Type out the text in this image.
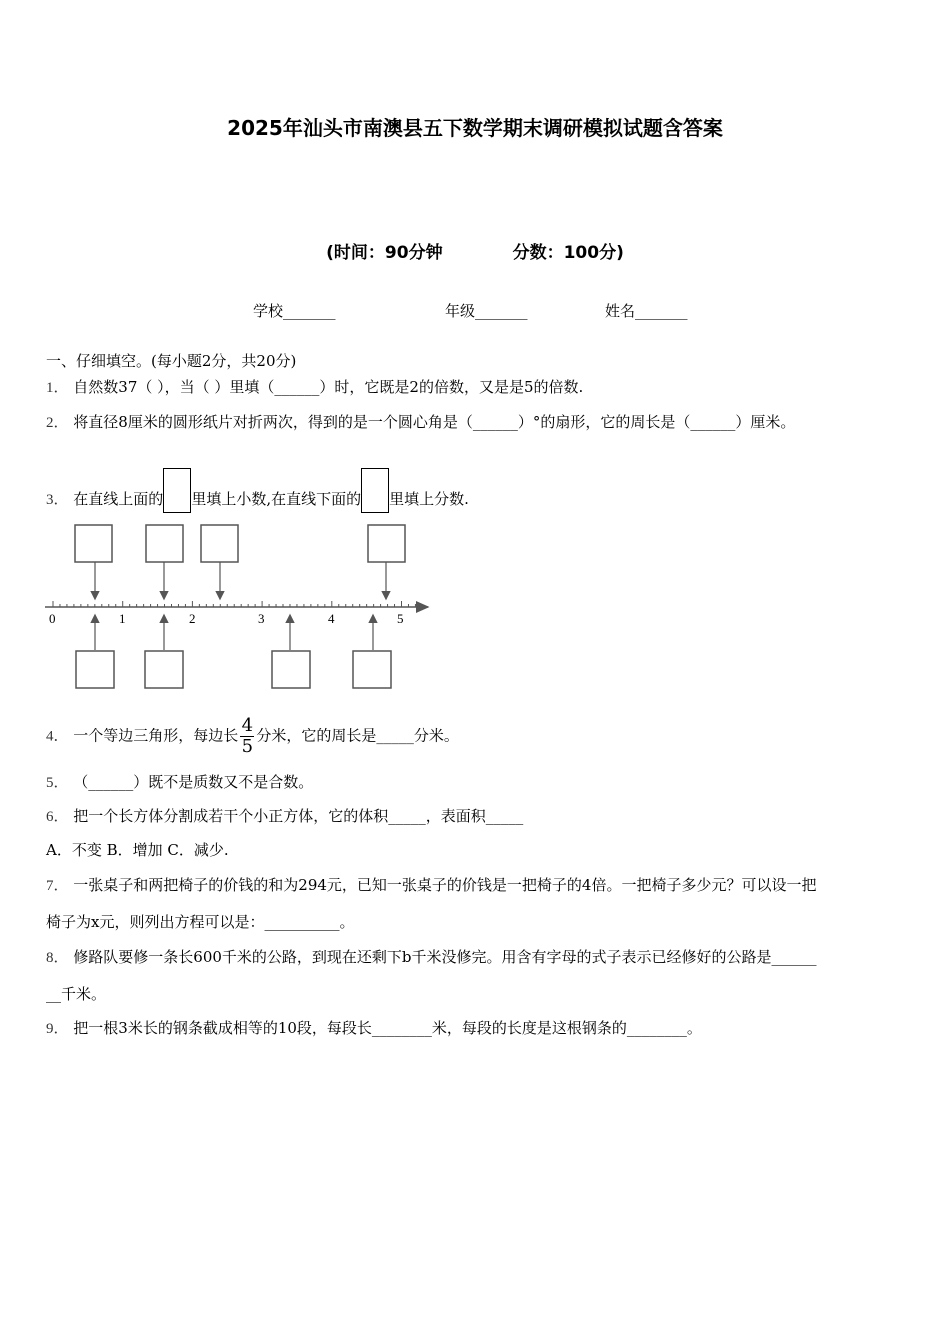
2025年汕头市南澳县五下数学期末调研模拟试题含答案
(时间：90分钟	分数：100分)
学校_______	年级_______	姓名_______
一、仔细填空。(每小题2分，共20分)
1． 自然数37（ ），当（ ）里填（______）时，它既是2的倍数，又是是5的倍数.
2． 将直径8厘米的圆形纸片对折两次，得到的是一个圆心角是（______）°的扇形，它的周长是（______）厘米。
3． 在直线上面的 里填上小数,在直线下面的 里填上分数.
0	1	2	3	4	5
4． 一个等边三角形，每边长 $\frac{4}{5}$ 分米，它的周长是_____分米。
5． （______）既不是质数又不是合数。
6． 把一个长方体分割成若干个小正方体，它的体积_____，表面积_____
A．不变 B．增加 C．减少.
7． 一张桌子和两把椅子的价钱的和为294元，已知一张桌子的价钱是一把椅子的4倍。一把椅子多少元？可以设一把
椅子为x元，则列出方程可以是：__________。
8． 修路队要修一条长600千米的公路，到现在还剩下b千米没修完。用含有字母的式子表示已经修好的公路是______
__千米。
9． 把一根3米长的钢条截成相等的10段，每段长________米，每段的长度是这根钢条的________。
